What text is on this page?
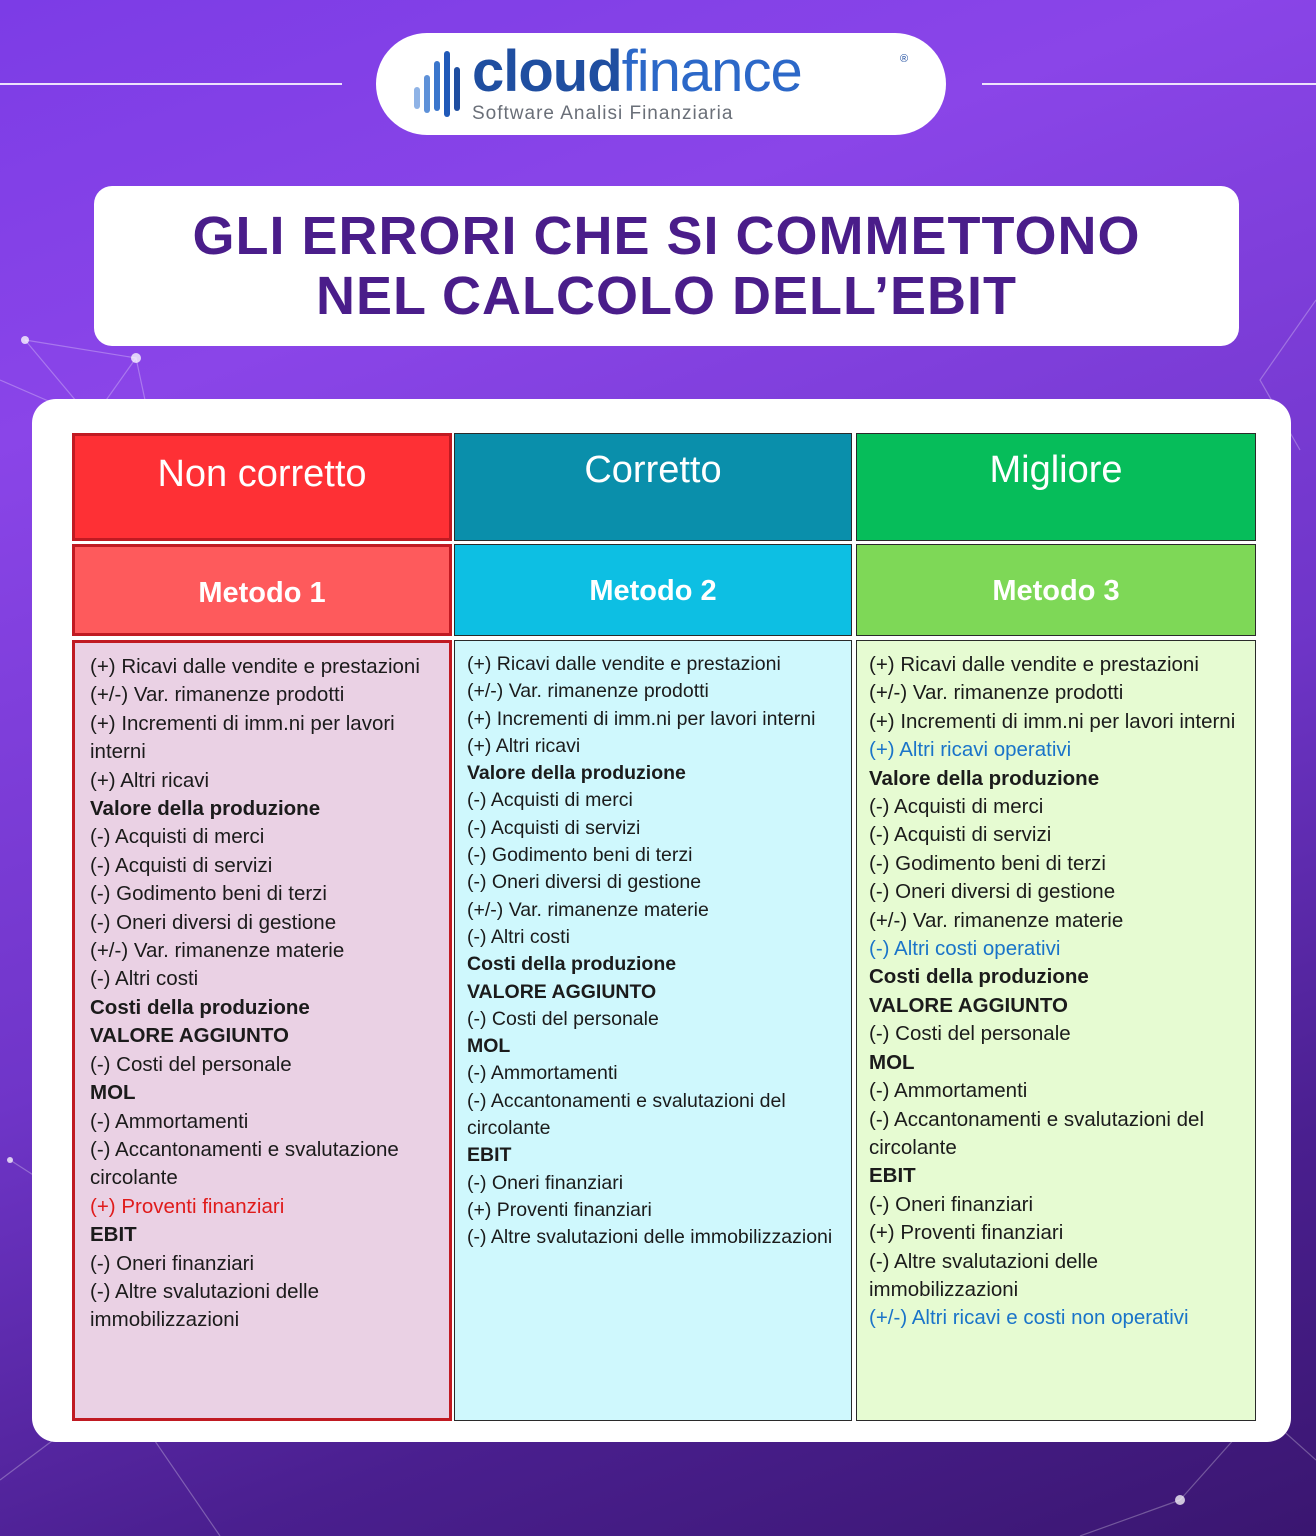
cloudfinance	®
Software Analisi Finanziaria
GLI ERRORI CHE SI COMMETTONO
NEL CALCOLO DELL’EBIT
Non corretto
Metodo 1
(+) Ricavi dalle vendite e prestazioni
(+/-) Var. rimanenze prodotti
(+) Incrementi di imm.ni per lavori interni
(+) Altri ricavi
Valore della produzione
(-) Acquisti di merci
(-) Acquisti di servizi
(-) Godimento beni di terzi
(-) Oneri diversi di gestione
(+/-) Var. rimanenze materie
(-) Altri costi
Costi della produzione
VALORE AGGIUNTO
(-) Costi del personale
MOL
(-) Ammortamenti
(-) Accantonamenti e svalutazione circolante
(+) Proventi finanziari
EBIT
(-) Oneri finanziari
(-) Altre svalutazioni delle immobilizzazioni
Corretto
Metodo 2
(+) Ricavi dalle vendite e prestazioni
(+/-) Var. rimanenze prodotti
(+) Incrementi di imm.ni per lavori interni
(+) Altri ricavi
Valore della produzione
(-) Acquisti di merci
(-) Acquisti di servizi
(-) Godimento beni di terzi
(-) Oneri diversi di gestione
(+/-) Var. rimanenze materie
(-) Altri costi
Costi della produzione
VALORE AGGIUNTO
(-) Costi del personale
MOL
(-) Ammortamenti
(-) Accantonamenti e svalutazioni del circolante
EBIT
(-) Oneri finanziari
(+) Proventi finanziari
(-) Altre svalutazioni delle immobilizzazioni
Migliore
Metodo 3
(+) Ricavi dalle vendite e prestazioni
(+/-) Var. rimanenze prodotti
(+) Incrementi di imm.ni per lavori interni
(+) Altri ricavi operativi
Valore della produzione
(-) Acquisti di merci
(-) Acquisti di servizi
(-) Godimento beni di terzi
(-) Oneri diversi di gestione
(+/-) Var. rimanenze materie
(-) Altri costi operativi
Costi della produzione
VALORE AGGIUNTO
(-) Costi del personale
MOL
(-) Ammortamenti
(-) Accantonamenti e svalutazioni del circolante
EBIT
(-) Oneri finanziari
(+) Proventi finanziari
(-) Altre svalutazioni delle immobilizzazioni
(+/-) Altri ricavi e costi non operativi
